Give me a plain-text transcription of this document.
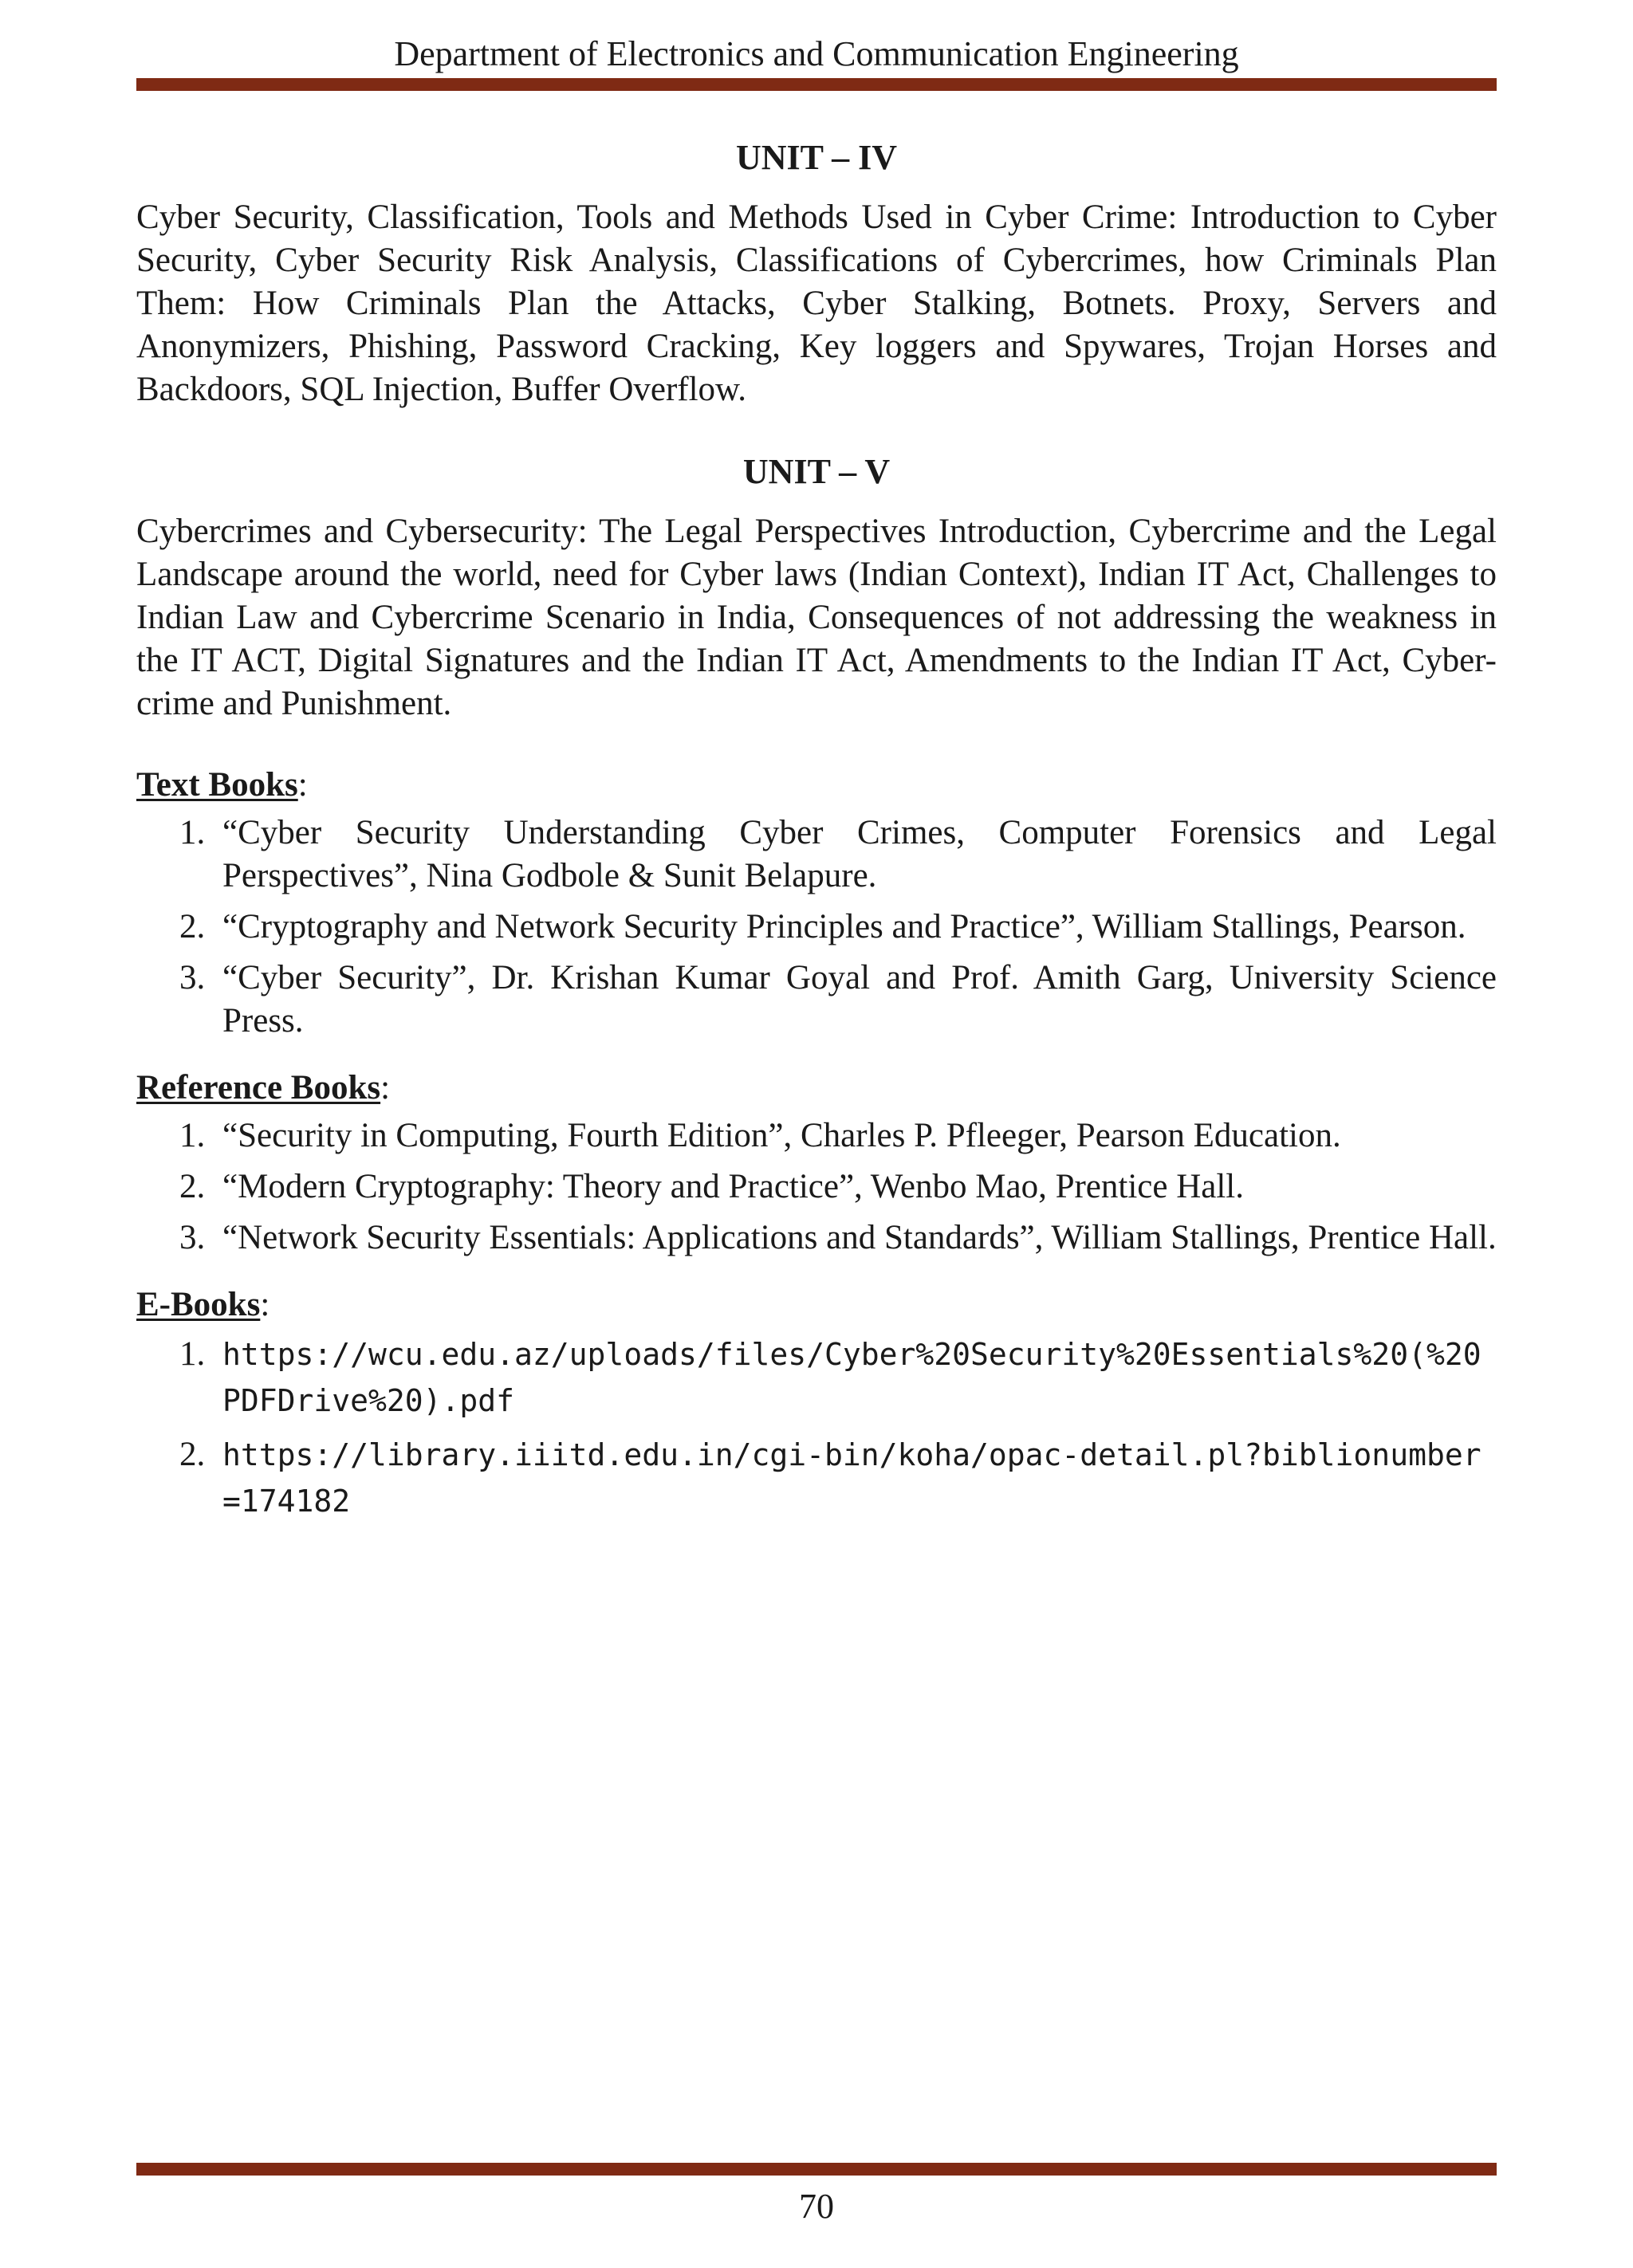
Department of Electronics and Communication Engineering
UNIT – IV
Cyber Security, Classification, Tools and Methods Used in Cyber Crime: Introduction to Cyber Security, Cyber Security Risk Analysis, Classifications of Cybercrimes, how Criminals Plan Them: How Criminals Plan the Attacks, Cyber Stalking, Botnets. Proxy, Servers and Anonymizers, Phishing, Password Cracking, Key loggers and Spywares, Trojan Horses and Backdoors, SQL Injection, Buffer Overflow.
UNIT – V
Cybercrimes and Cybersecurity: The Legal Perspectives Introduction, Cybercrime and the Legal Landscape around the world, need for Cyber laws (Indian Context), Indian IT Act, Challenges to Indian Law and Cybercrime Scenario in India, Consequences of not addressing the weakness in the IT ACT, Digital Signatures and the Indian IT Act, Amendments to the Indian IT Act, Cyber-crime and Punishment.
Text Books:
1. “Cyber Security Understanding Cyber Crimes, Computer Forensics and Legal Perspectives”, Nina Godbole & Sunit Belapure.
2. “Cryptography and Network Security Principles and Practice”, William Stallings, Pearson.
3. “Cyber Security”, Dr. Krishan Kumar Goyal and Prof. Amith Garg, University Science Press.
Reference Books:
1. “Security in Computing, Fourth Edition”, Charles P. Pfleeger, Pearson Education.
2. “Modern Cryptography: Theory and Practice”, Wenbo Mao, Prentice Hall.
3. “Network Security Essentials: Applications and Standards”, William Stallings, Prentice Hall.
E-Books:
1. https://wcu.edu.az/uploads/files/Cyber%20Security%20Essentials%20(%20PDFDrive%20).pdf
2. https://library.iiitd.edu.in/cgi-bin/koha/opac-detail.pl?biblionumber=174182
70
